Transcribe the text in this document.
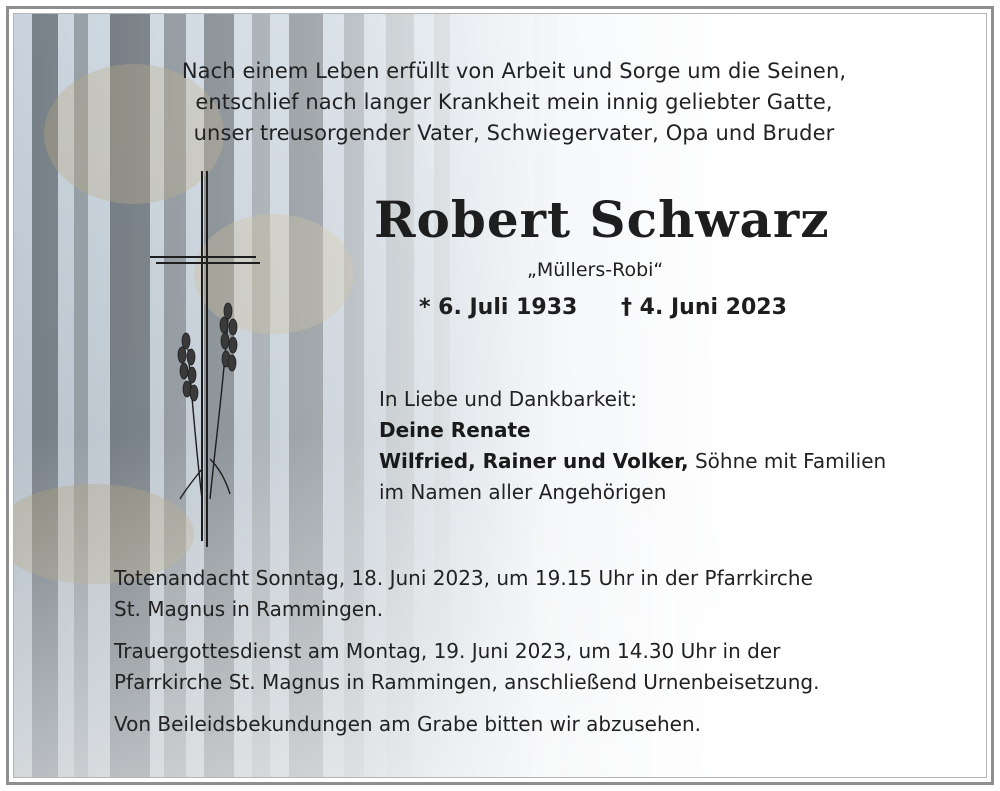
Nach einem Leben erfüllt von Arbeit und Sorge um die Seinen,
entschlief nach langer Krankheit mein innig geliebter Gatte,
unser treusorgender Vater, Schwiegervater, Opa und Bruder
Robert Schwarz
„Müllers-Robi“
* 6. Juli 1933 † 4. Juni 2023
In Liebe und Dankbarkeit:
Deine Renate
Wilfried, Rainer und Volker, Söhne mit Familien
im Namen aller Angehörigen
Totenandacht Sonntag, 18. Juni 2023, um 19.15 Uhr in der Pfarrkirche
St. Magnus in Rammingen.
Trauergottesdienst am Montag, 19. Juni 2023, um 14.30 Uhr in der
Pfarrkirche St. Magnus in Rammingen, anschließend Urnenbeisetzung.
Von Beileidsbekundungen am Grabe bitten wir abzusehen.
